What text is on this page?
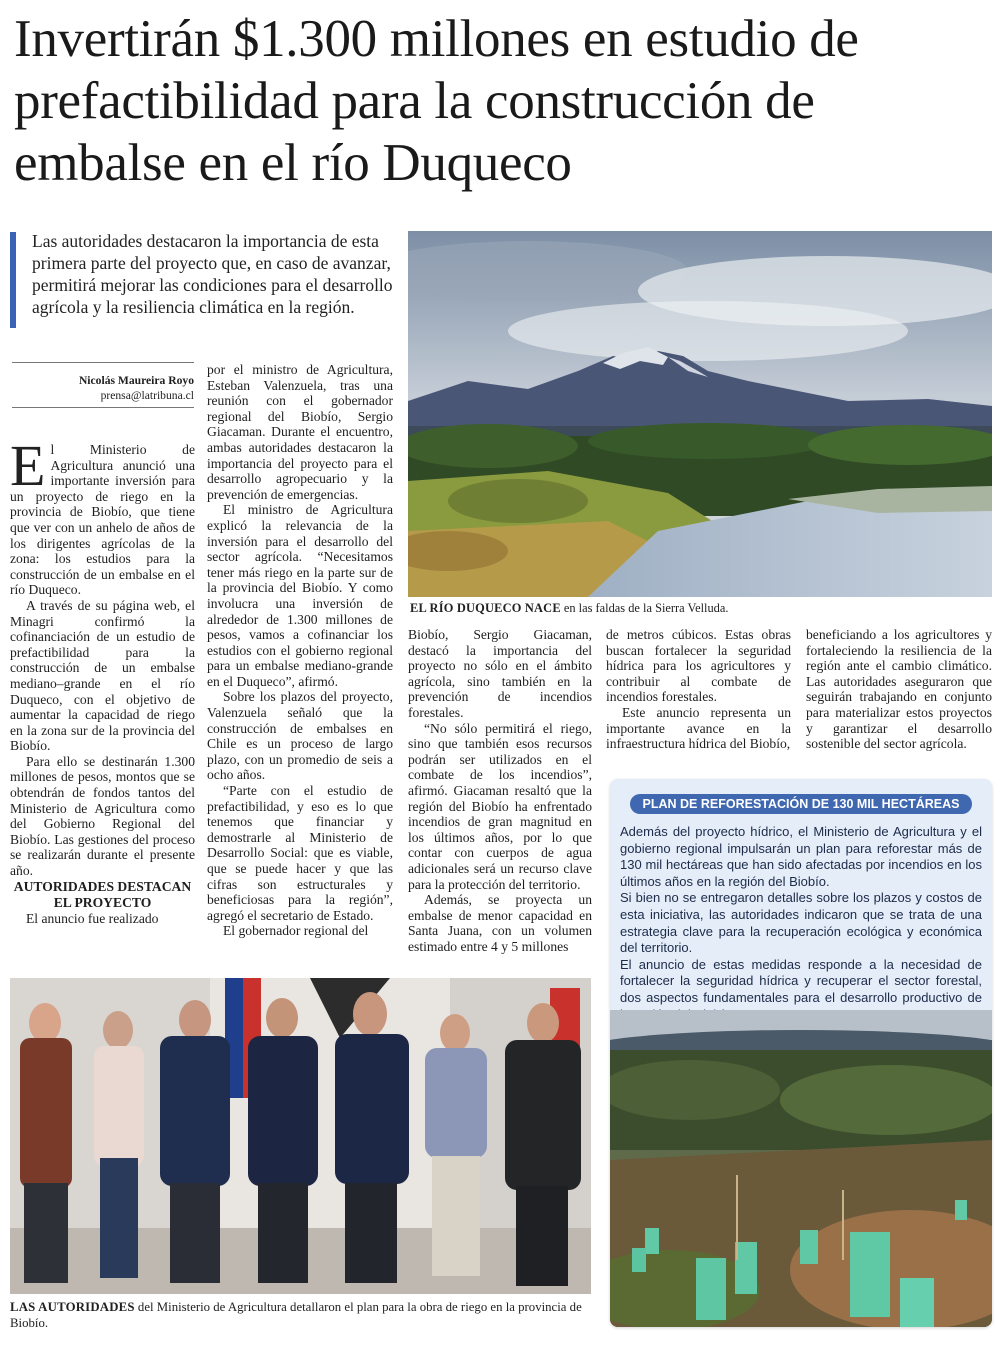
Invertirán $1.300 millones en estudio de prefactibilidad para la construcción de embalse en el río Duqueco

Las autoridades destacaron la importancia de esta primera parte del proyecto que, en caso de avanzar, permitirá mejorar las condiciones para el desarrollo agrícola y la resiliencia climática en la región.

Nicolás Maureira Royo
prensa@latribuna.cl

El Ministerio de Agricultura anunció una importante inversión para un proyecto de riego en la provincia de Biobío, que tiene que ver con un anhelo de años de los dirigentes agrícolas de la zona: los estudios para la construcción de un embalse en el río Duqueco.

A través de su página web, el Minagri confirmó la cofinanciación de un estudio de prefactibilidad para la construcción de un embalse mediano–grande en el río Duqueco, con el objetivo de aumentar la capacidad de riego en la zona sur de la provincia del Biobío.

Para ello se destinarán 1.300 millones de pesos, montos que se obtendrán de fondos tantos del Ministerio de Agricultura como del Gobierno Regional del Biobío. Las gestiones del proceso se realizarán durante el presente año.

AUTORIDADES DESTACAN EL PROYECTO

El anuncio fue realizado

por el ministro de Agricultura, Esteban Valenzuela, tras una reunión con el gobernador regional del Biobío, Sergio Giacaman. Durante el encuentro, ambas autoridades destacaron la importancia del proyecto para el desarrollo agropecuario y la prevención de emergencias.

El ministro de Agricultura explicó la relevancia de la inversión para el desarrollo del sector agrícola. “Necesitamos tener más riego en la parte sur de la provincia del Biobío. Y como involucra una inversión de alrededor de 1.300 millones de pesos, vamos a cofinanciar los estudios con el gobierno regional para un embalse mediano-grande en el Duqueco”, afirmó.

Sobre los plazos del proyecto, Valenzuela señaló que la construcción de embalses en Chile es un proceso de largo plazo, con un promedio de seis a ocho años.

“Parte con el estudio de prefactibilidad, y eso es lo que tenemos que financiar y demostrarle al Ministerio de Desarrollo Social: que es viable, que se puede hacer y que las cifras son estructurales y beneficiosas para la región”, agregó el secretario de Estado.

El gobernador regional del

EL RÍO DUQUECO NACE en las faldas de la Sierra Velluda.

Biobío, Sergio Giacaman, destacó la importancia del proyecto no sólo en el ámbito agrícola, sino también en la prevención de incendios forestales.

“No sólo permitirá el riego, sino que también esos recursos podrán ser utilizados en el combate de los incendios”, afirmó. Giacaman resaltó que la región del Biobío ha enfrentado incendios de gran magnitud en los últimos años, por lo que contar con cuerpos de agua adicionales será un recurso clave para la protección del territorio.

Además, se proyecta un embalse de menor capacidad en Santa Juana, con un volumen estimado entre 4 y 5 millones

de metros cúbicos. Estas obras buscan fortalecer la seguridad hídrica para los agricultores y contribuir al combate de incendios forestales.

Este anuncio representa un importante avance en la infraestructura hídrica del Biobío,

beneficiando a los agricultores y fortaleciendo la resiliencia de la región ante el cambio climático. Las autoridades aseguraron que seguirán trabajando en conjunto para materializar estos proyectos y garantizar el desarrollo sostenible del sector agrícola.

LAS AUTORIDADES del Ministerio de Agricultura detallaron el plan para la obra de riego en la provincia de Biobío.
PLAN DE REFORESTACIÓN DE 130 MIL HECTÁREAS

Además del proyecto hídrico, el Ministerio de Agricultura y el gobierno regional impulsarán un plan para reforestar más de 130 mil hectáreas que han sido afectadas por incendios en los últimos años en la región del Biobío.

Si bien no se entregaron detalles sobre los plazos y costos de esta iniciativa, las autoridades indicaron que se trata de una estrategia clave para la recuperación ecológica y económica del territorio.

El anuncio de estas medidas responde a la necesidad de fortalecer la seguridad hídrica y recuperar el sector forestal, dos aspectos fundamentales para el desarrollo productivo de
